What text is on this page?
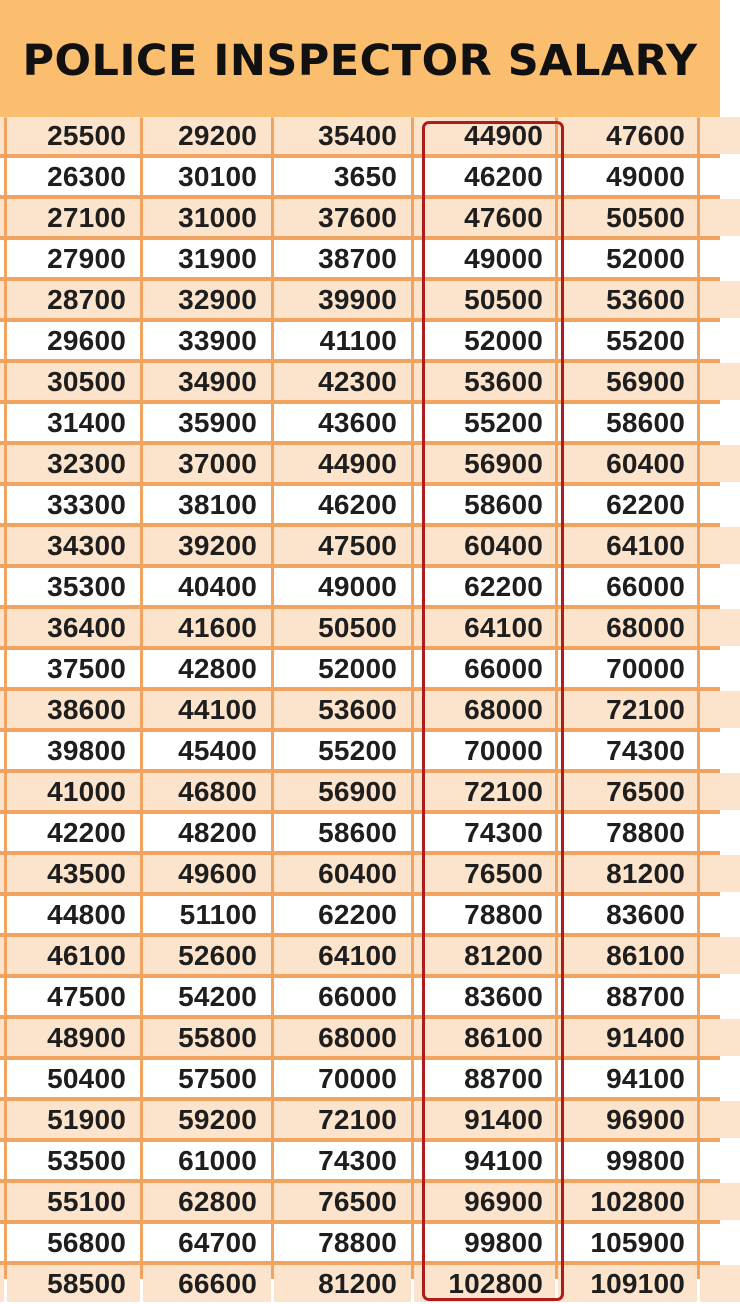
POLICE INSPECTOR SALARY
25500	29200	35400	44900	47600
26300	30100	3650	46200	49000
27100	31000	37600	47600	50500
27900	31900	38700	49000	52000
28700	32900	39900	50500	53600
29600	33900	41100	52000	55200
30500	34900	42300	53600	56900
31400	35900	43600	55200	58600
32300	37000	44900	56900	60400
33300	38100	46200	58600	62200
34300	39200	47500	60400	64100
35300	40400	49000	62200	66000
36400	41600	50500	64100	68000
37500	42800	52000	66000	70000
38600	44100	53600	68000	72100
39800	45400	55200	70000	74300
41000	46800	56900	72100	76500
42200	48200	58600	74300	78800
43500	49600	60400	76500	81200
44800	51100	62200	78800	83600
46100	52600	64100	81200	86100
47500	54200	66000	83600	88700
48900	55800	68000	86100	91400
50400	57500	70000	88700	94100
51900	59200	72100	91400	96900
53500	61000	74300	94100	99800
55100	62800	76500	96900	102800
56800	64700	78800	99800	105900
58500	66600	81200	102800	109100
